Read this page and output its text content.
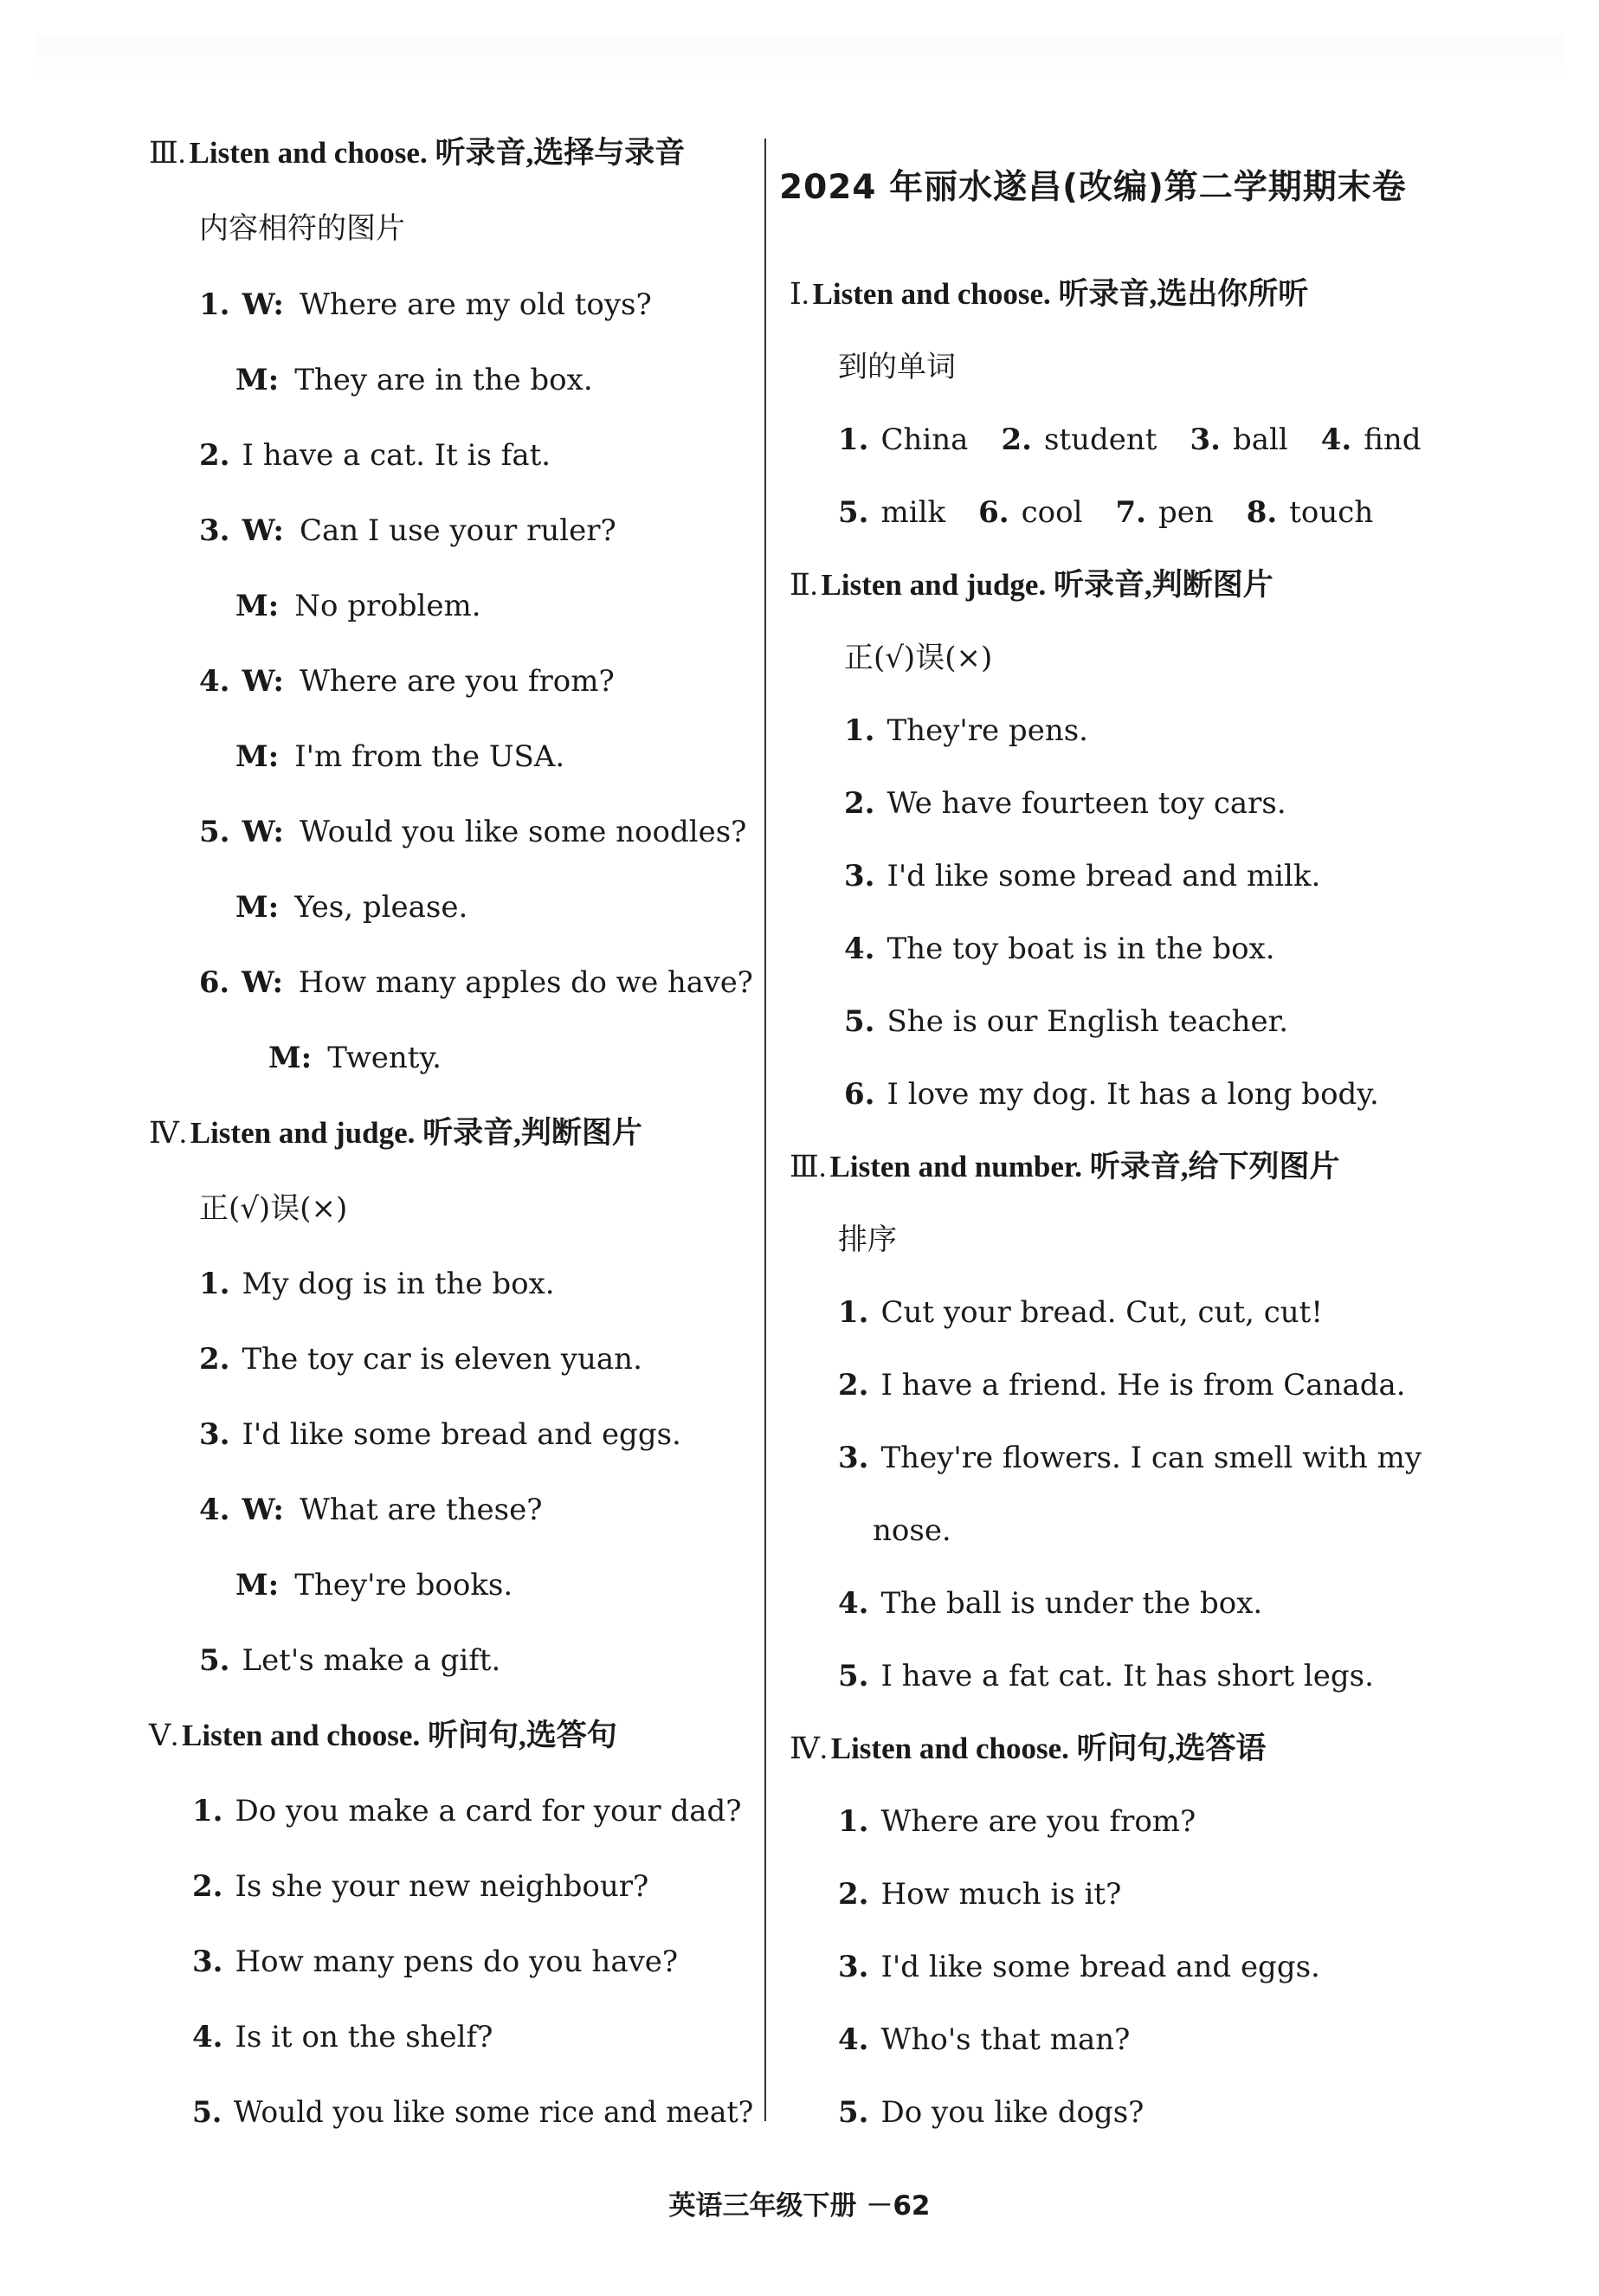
英语三年级下册 －62
Ⅲ. Listen and choose. 听录音,选择与录音
内容相符的图片
1. W: Where are my old toys?
M: They are in the box.
2. I have a cat. It is fat.
3. W: Can I use your ruler?
M: No problem.
4. W: Where are you from?
M: I'm from the USA.
5. W: Would you like some noodles?
M: Yes, please.
6. W: How many apples do we have?
M: Twenty.
Ⅳ. Listen and judge. 听录音,判断图片
正(√)误(×)
1. My dog is in the box.
2. The toy car is eleven yuan.
3. I'd like some bread and eggs.
4. W: What are these?
M: They're books.
5. Let's make a gift.
Ⅴ. Listen and choose. 听问句,选答句
1. Do you make a card for your dad?
2. Is she your new neighbour?
3. How many pens do you have?
4. Is it on the shelf?
5. Would you like some rice and meat?
2024 年丽水遂昌(改编)第二学期期末卷
Ⅰ. Listen and choose. 听录音,选出你所听
到的单词
1. China 2. student 3. ball 4. find
5. milk 6. cool 7. pen 8. touch
Ⅱ. Listen and judge. 听录音,判断图片
正(√)误(×)
1. They're pens.
2. We have fourteen toy cars.
3. I'd like some bread and milk.
4. The toy boat is in the box.
5. She is our English teacher.
6. I love my dog. It has a long body.
Ⅲ. Listen and number. 听录音,给下列图片
排序
1. Cut your bread. Cut, cut, cut!
2. I have a friend. He is from Canada.
3. They're flowers. I can smell with my
nose.
4. The ball is under the box.
5. I have a fat cat. It has short legs.
Ⅳ. Listen and choose. 听问句,选答语
1. Where are you from?
2. How much is it?
3. I'd like some bread and eggs.
4. Who's that man?
5. Do you like dogs?
